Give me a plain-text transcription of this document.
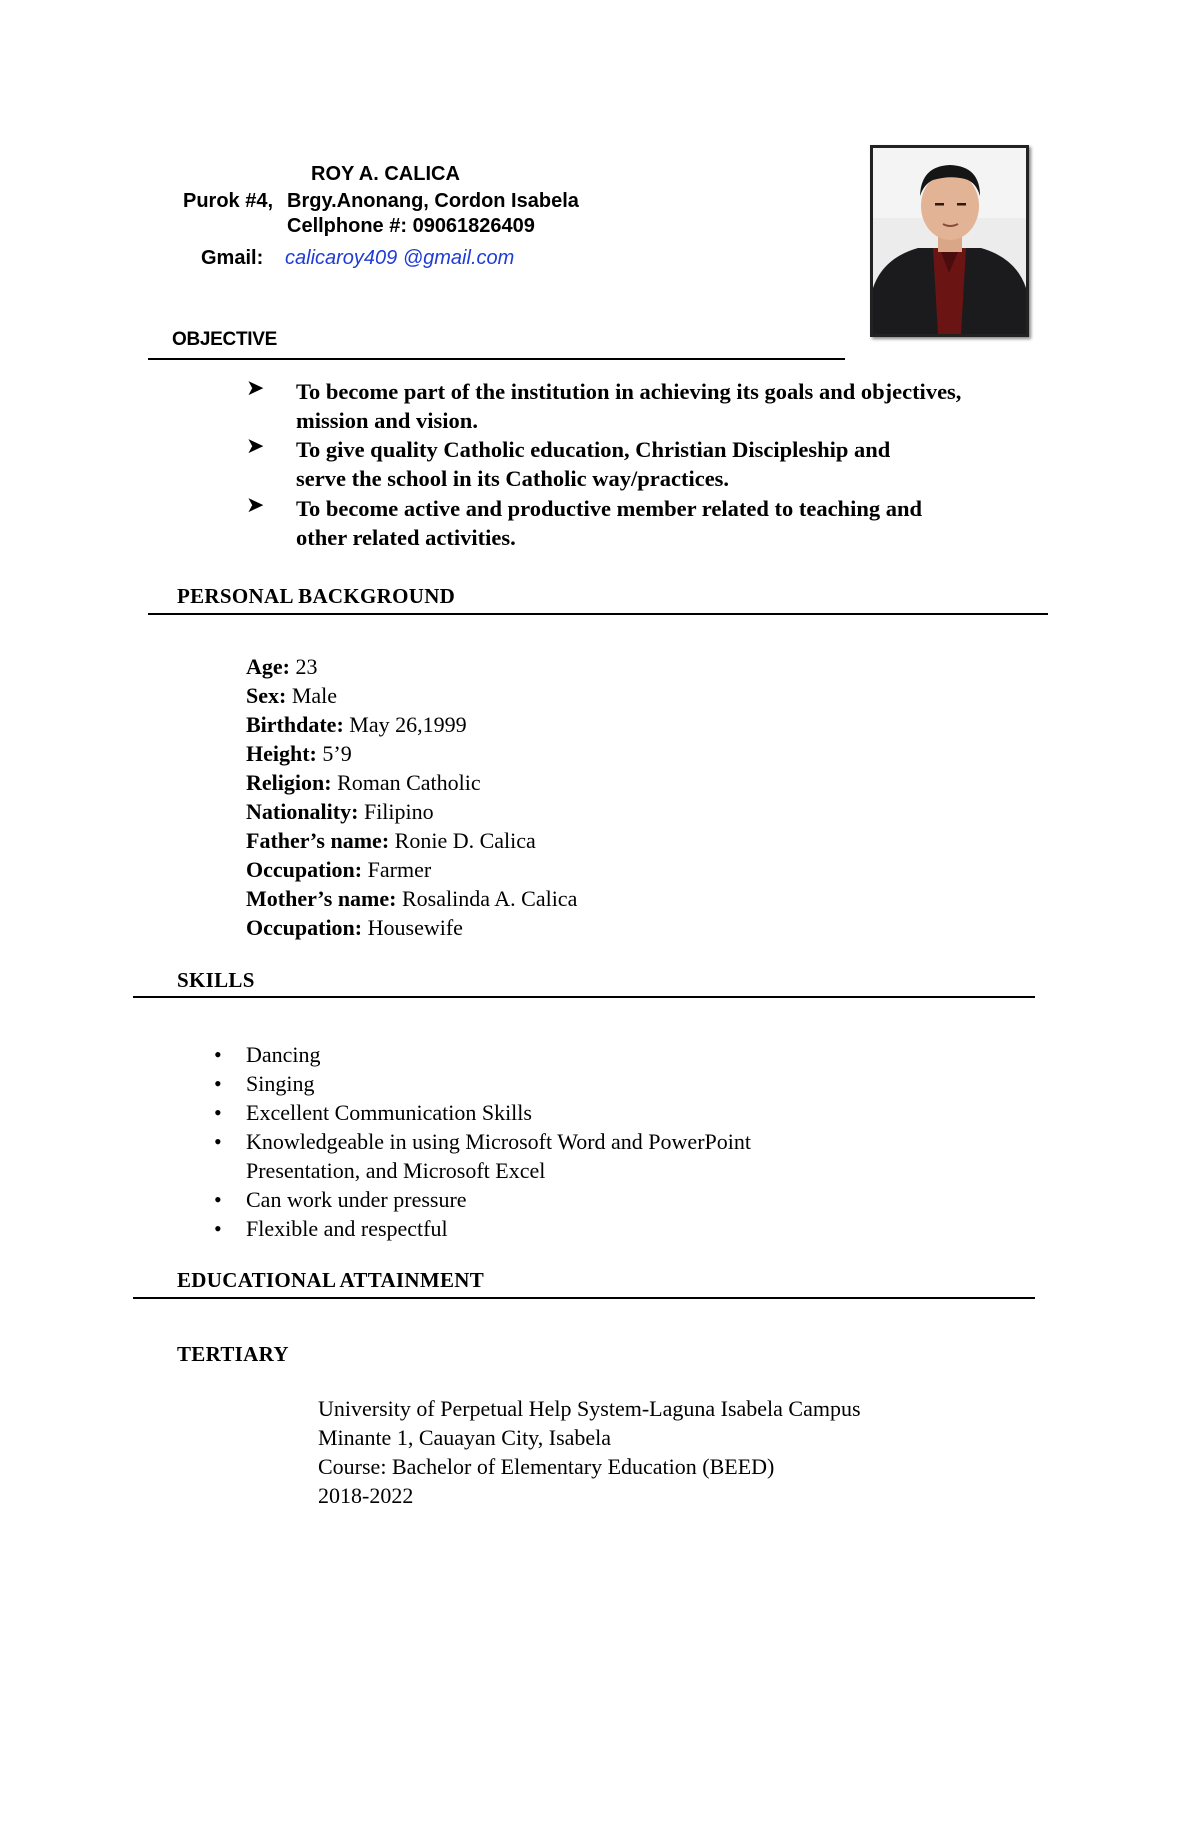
ROY A. CALICA
Purok #4, Brgy.Anonang, Cordon Isabela
Cellphone #: 09061826409
Gmail: calicaroy409 @gmail.com
OBJECTIVE
➤ To become part of the institution in achieving its goals and objectives,
mission and vision.
➤ To give quality Catholic education, Christian Discipleship and
serve the school in its Catholic way/practices.
➤ To become active and productive member related to teaching and
other related activities.
PERSONAL BACKGROUND
Age: 23
Sex: Male
Birthdate: May 26,1999
Height: 5’9
Religion: Roman Catholic
Nationality: Filipino
Father’s name: Ronie D. Calica
Occupation: Farmer
Mother’s name: Rosalinda A. Calica
Occupation: Housewife
SKILLS
• Dancing
• Singing
• Excellent Communication Skills
• Knowledgeable in using Microsoft Word and PowerPoint
Presentation, and Microsoft Excel
• Can work under pressure
• Flexible and respectful
EDUCATIONAL ATTAINMENT
TERTIARY
University of Perpetual Help System-Laguna Isabela Campus
Minante 1, Cauayan City, Isabela
Course: Bachelor of Elementary Education (BEED)
2018-2022
